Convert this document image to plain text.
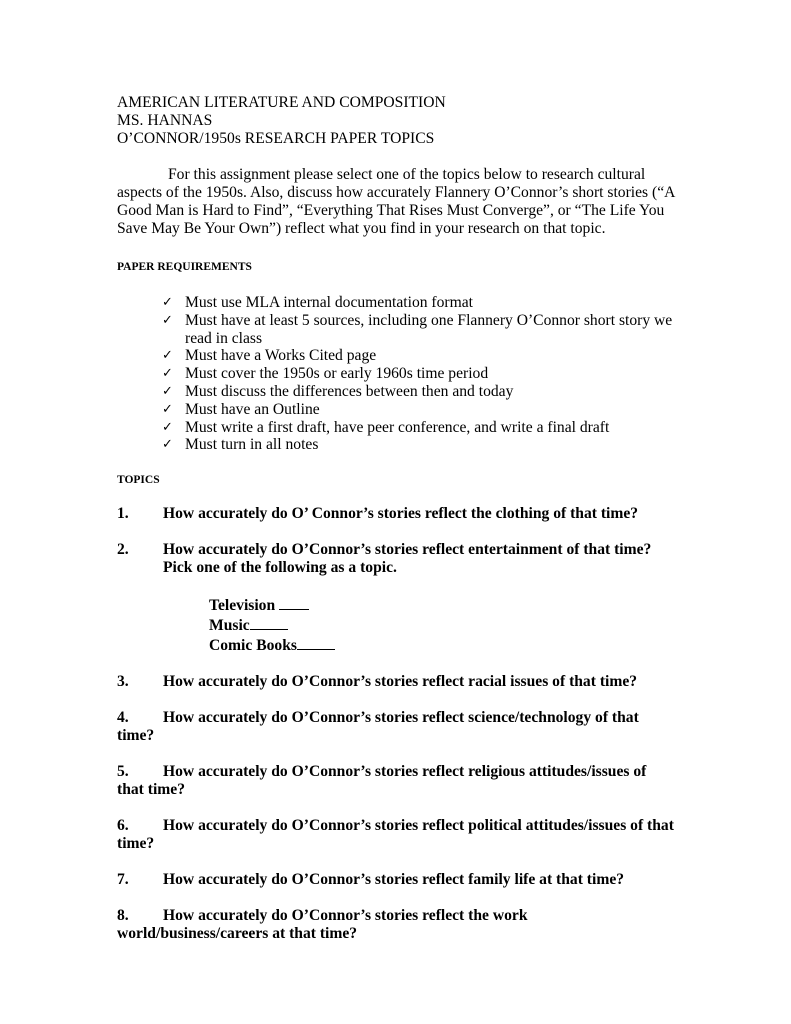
AMERICAN LITERATURE AND COMPOSITION

MS. HANNAS

O’CONNOR/1950s RESEARCH PAPER TOPICS

For this assignment please select one of the topics below to research cultural aspects of the 1950s. Also, discuss how accurately Flannery O’Connor’s short stories (“A Good Man is Hard to Find”, “Everything That Rises Must Converge”, or “The Life You Save May Be Your Own”) reflect what you find in your research on that topic.

PAPER REQUIREMENTS

✓ Must use MLA internal documentation format
✓ Must have at least 5 sources, including one Flannery O’Connor short story we read in class
✓ Must have a Works Cited page
✓ Must cover the 1950s or early 1960s time period
✓ Must discuss the differences between then and today
✓ Must have an Outline
✓ Must write a first draft, have peer conference, and write a final draft
✓ Must turn in all notes

TOPICS

1. How accurately do O’ Connor’s stories reflect the clothing of that time?

2. How accurately do O’Connor’s stories reflect entertainment of that time?
Pick one of the following as a topic.

Television
Music
Comic Books

3. How accurately do O’Connor’s stories reflect racial issues of that time?

4. How accurately do O’Connor’s stories reflect science/technology of that
time?

5. How accurately do O’Connor’s stories reflect religious attitudes/issues of
that time?

6. How accurately do O’Connor’s stories reflect political attitudes/issues of that
time?

7. How accurately do O’Connor’s stories reflect family life at that time?

8. How accurately do O’Connor’s stories reflect the work
world/business/careers at that time?
